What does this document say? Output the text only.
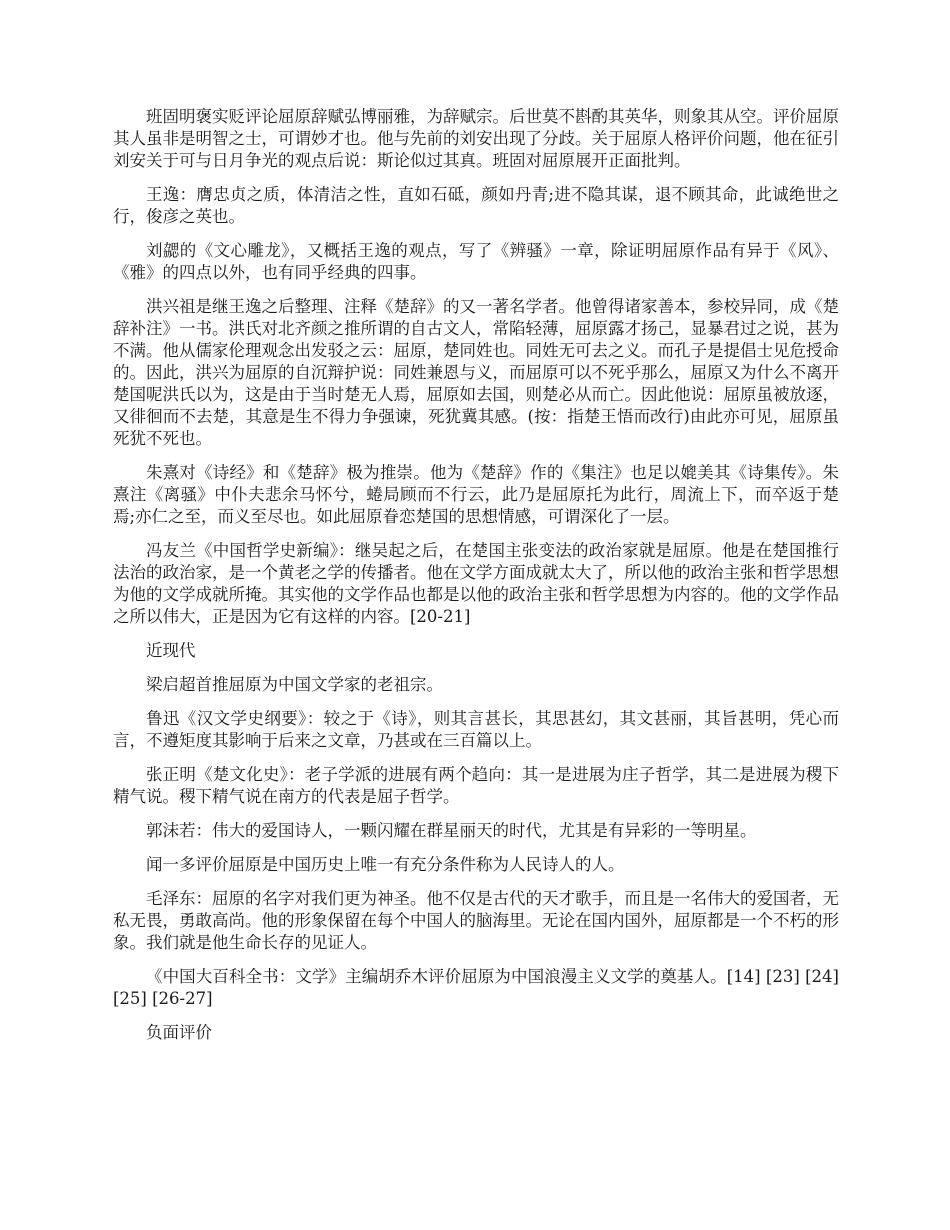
班固明褒实贬评论屈原辞赋弘博丽雅，为辞赋宗。后世莫不斟酌其英华，则象其从空。评价屈原其人虽非是明智之士，可谓妙才也。他与先前的刘安出现了分歧。关于屈原人格评价问题，他在征引刘安关于可与日月争光的观点后说：斯论似过其真。班固对屈原展开正面批判。

王逸：膺忠贞之质，体清洁之性，直如石砥，颜如丹青;进不隐其谋，退不顾其命，此诚绝世之行，俊彦之英也。

刘勰的《文心雕龙》，又概括王逸的观点，写了《辨骚》一章，除证明屈原作品有异于《风》、《雅》的四点以外，也有同乎经典的四事。

洪兴祖是继王逸之后整理、注释《楚辞》的又一著名学者。他曾得诸家善本，参校异同，成《楚辞补注》一书。洪氏对北齐颜之推所谓的自古文人，常陷轻薄，屈原露才扬己，显暴君过之说，甚为不满。他从儒家伦理观念出发驳之云：屈原，楚同姓也。同姓无可去之义。而孔子是提倡士见危授命的。因此，洪兴为屈原的自沉辩护说：同姓兼恩与义，而屈原可以不死乎那么，屈原又为什么不离开楚国呢洪氏以为，这是由于当时楚无人焉，屈原如去国，则楚必从而亡。因此他说：屈原虽被放逐，又徘徊而不去楚，其意是生不得力争强谏，死犹冀其感。(按：指楚王悟而改行)由此亦可见，屈原虽死犹不死也。

朱熹对《诗经》和《楚辞》极为推崇。他为《楚辞》作的《集注》也足以媲美其《诗集传》。朱熹注《离骚》中仆夫悲余马怀兮，蜷局顾而不行云，此乃是屈原托为此行，周流上下，而卒返于楚焉;亦仁之至，而义至尽也。如此屈原眷恋楚国的思想情感，可谓深化了一层。

冯友兰《中国哲学史新编》：继吴起之后，在楚国主张变法的政治家就是屈原。他是在楚国推行法治的政治家，是一个黄老之学的传播者。他在文学方面成就太大了，所以他的政治主张和哲学思想为他的文学成就所掩。其实他的文学作品也都是以他的政治主张和哲学思想为内容的。他的文学作品之所以伟大，正是因为它有这样的内容。[20-21]

近现代

梁启超首推屈原为中国文学家的老祖宗。

鲁迅《汉文学史纲要》：较之于《诗》，则其言甚长，其思甚幻，其文甚丽，其旨甚明，凭心而言，不遵矩度其影响于后来之文章，乃甚或在三百篇以上。

张正明《楚文化史》：老子学派的进展有两个趋向：其一是进展为庄子哲学，其二是进展为稷下精气说。稷下精气说在南方的代表是屈子哲学。

郭沫若：伟大的爱国诗人，一颗闪耀在群星丽天的时代，尤其是有异彩的一等明星。

闻一多评价屈原是中国历史上唯一有充分条件称为人民诗人的人。

毛泽东：屈原的名字对我们更为神圣。他不仅是古代的天才歌手，而且是一名伟大的爱国者，无私无畏，勇敢高尚。他的形象保留在每个中国人的脑海里。无论在国内国外，屈原都是一个不朽的形象。我们就是他生命长存的见证人。

《中国大百科全书：文学》主编胡乔木评价屈原为中国浪漫主义文学的奠基人。[14] [23] [24] [25] [26-27]

负面评价
